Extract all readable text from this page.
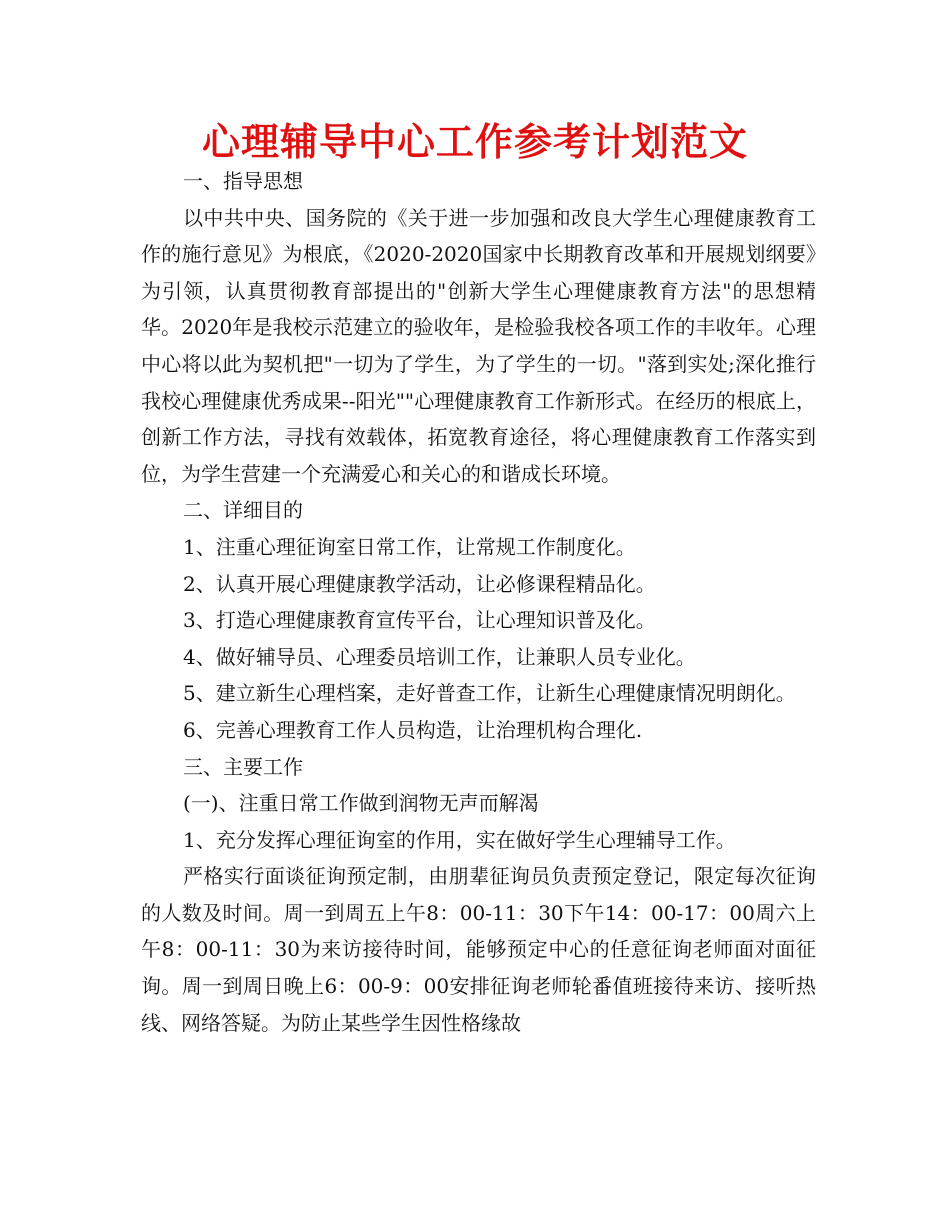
心理辅导中心工作参考计划范文

一、指导思想

以中共中央、国务院的《关于进一步加强和改良大学生心理健康教育工作的施行意见》为根底，《2020-2020国家中长期教育改革和开展规划纲要》为引领，认真贯彻教育部提出的"创新大学生心理健康教育方法"的思想精华。2020年是我校示范建立的验收年，是检验我校各项工作的丰收年。心理中心将以此为契机把"一切为了学生，为了学生的一切。"落到实处;深化推行我校心理健康优秀成果--阳光""心理健康教育工作新形式。在经历的根底上，创新工作方法，寻找有效载体，拓宽教育途径，将心理健康教育工作落实到位，为学生营建一个充满爱心和关心的和谐成长环境。

二、详细目的

1、注重心理征询室日常工作，让常规工作制度化。

2、认真开展心理健康教学活动，让必修课程精品化。

3、打造心理健康教育宣传平台，让心理知识普及化。

4、做好辅导员、心理委员培训工作，让兼职人员专业化。

5、建立新生心理档案，走好普查工作，让新生心理健康情况明朗化。

6、完善心理教育工作人员构造，让治理机构合理化.

三、主要工作

(一)、注重日常工作做到润物无声而解渴

1、充分发挥心理征询室的作用，实在做好学生心理辅导工作。

严格实行面谈征询预定制，由朋辈征询员负责预定登记，限定每次征询的人数及时间。周一到周五上午8：00-11：30下午14：00-17：00周六上午8：00-11：30为来访接待时间，能够预定中心的任意征询老师面对面征询。周一到周日晚上6：00-9：00安排征询老师轮番值班接待来访、接听热线、网络答疑。为防止某些学生因性格缘故
